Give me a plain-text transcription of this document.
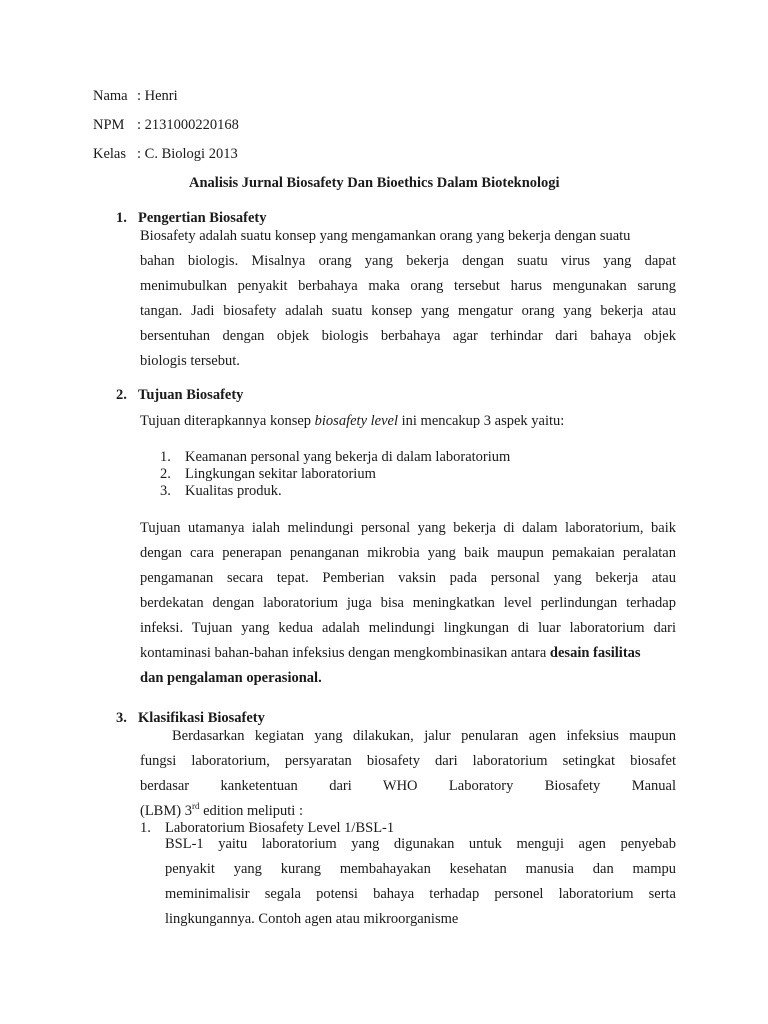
Nama : Henri
NPM : 2131000220168
Kelas : C. Biologi 2013
Analisis Jurnal Biosafety Dan Bioethics Dalam Bioteknologi
1. Pengertian Biosafety
Biosafety adalah suatu konsep yang mengamankan orang yang bekerja dengan suatu
bahan biologis. Misalnya orang yang bekerja dengan suatu virus yang dapat
menimubulkan penyakit berbahaya maka orang tersebut harus mengunakan sarung
tangan. Jadi biosafety adalah suatu konsep yang mengatur orang yang bekerja atau
bersentuhan dengan objek biologis berbahaya agar terhindar dari bahaya objek
biologis tersebut.
2. Tujuan Biosafety
Tujuan diterapkannya konsep biosafety level ini mencakup 3 aspek yaitu:
1. Keamanan personal yang bekerja di dalam laboratorium
2. Lingkungan sekitar laboratorium
3. Kualitas produk.
Tujuan utamanya ialah melindungi personal yang bekerja di dalam laboratorium, baik
dengan cara penerapan penanganan mikrobia yang baik maupun pemakaian peralatan
pengamanan secara tepat. Pemberian vaksin pada personal yang bekerja atau
berdekatan dengan laboratorium juga bisa meningkatkan level perlindungan terhadap
infeksi. Tujuan yang kedua adalah melindungi lingkungan di luar laboratorium dari
kontaminasi bahan-bahan infeksius dengan mengkombinasikan antara desain fasilitas
dan pengalaman operasional.
3. Klasifikasi Biosafety
Berdasarkan kegiatan yang dilakukan, jalur penularan agen infeksius maupun
fungsi laboratorium, persyaratan biosafety dari laboratorium setingkat biosafet
berdasar kanketentuan dari WHO Laboratory Biosafety Manual
(LBM) 3rd edition meliputi :
1. Laboratorium Biosafety Level 1/BSL-1
BSL-1 yaitu laboratorium yang digunakan untuk menguji agen penyebab
penyakit yang kurang membahayakan kesehatan manusia dan mampu
meminimalisir segala potensi bahaya terhadap personel laboratorium serta
lingkungannya. Contoh agen atau mikroorganisme
